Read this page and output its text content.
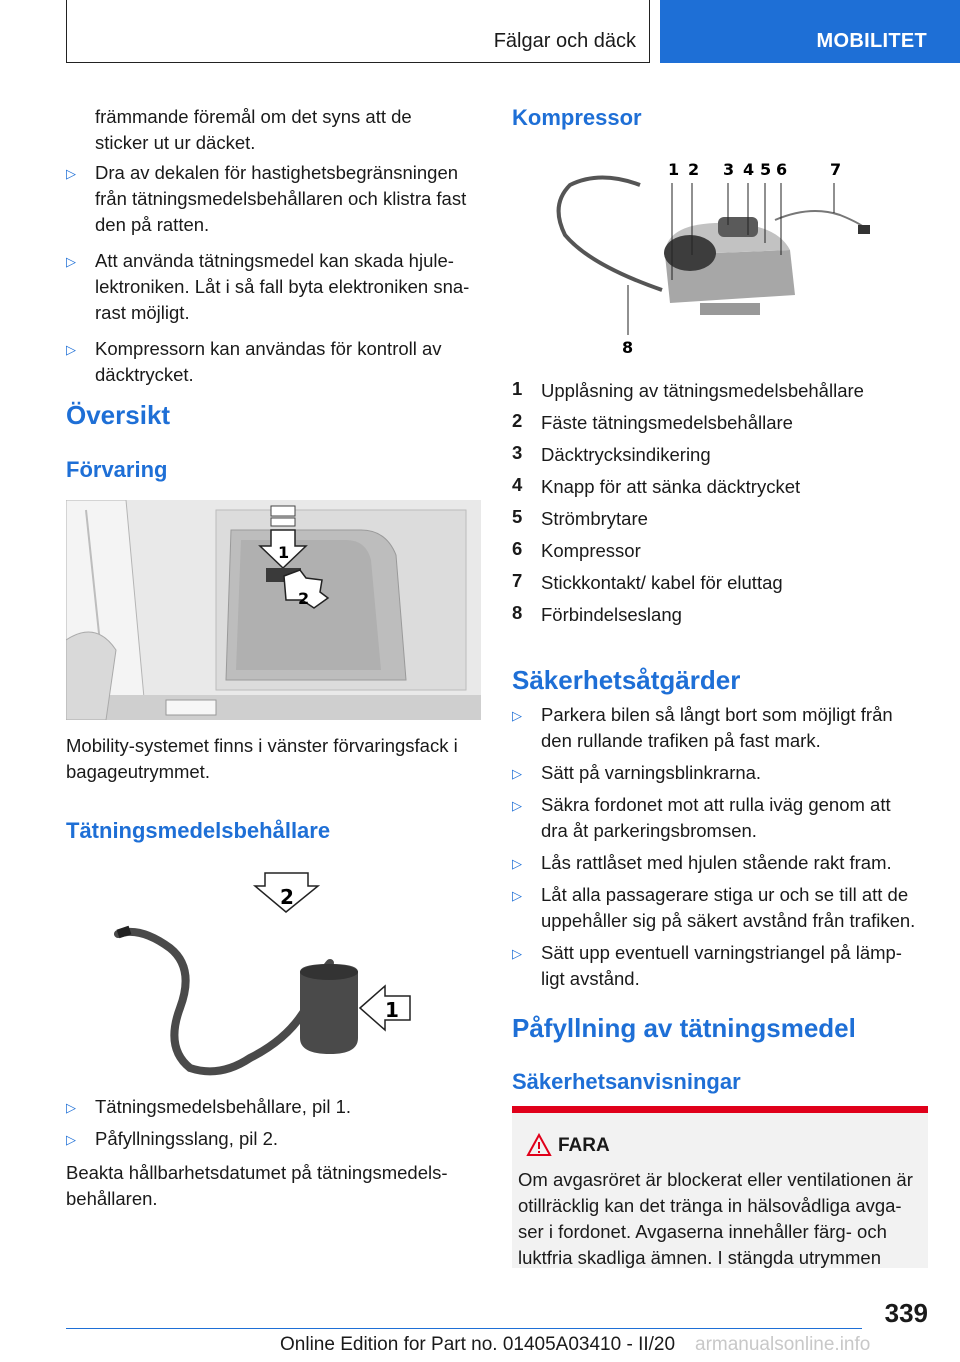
Fälgar och däck	MOBILITET
främmande föremål om det syns att de
sticker ut ur däcket.
▷ Dra av dekalen för hastighetsbegränsningen
från tätningsmedelsbehållaren och klistra fast
den på ratten.
▷ Att använda tätningsmedel kan skada hjule-
lektroniken. Låt i så fall byta elektroniken sna-
rast möjligt.
▷ Kompressorn kan användas för kontroll av
däcktrycket.
Översikt
Förvaring
1
2
Mobility-systemet finns i vänster förvaringsfack i
bagageutrymmet.
Tätningsmedelsbehållare
2
1
▷ Tätningsmedelsbehållare, pil 1.
▷ Påfyllningsslang, pil 2.
Beakta hållbarhetsdatumet på tätningsmedels-
behållaren.
Kompressor
1 2 3 4 5 6	7
8
1	Upplåsning av tätningsmedelsbehållare
2	Fäste tätningsmedelsbehållare
3	Däcktrycksindikering
4	Knapp för att sänka däcktrycket
5	Strömbrytare
6	Kompressor
7	Stickkontakt/ kabel för eluttag
8	Förbindelseslang
Säkerhetsåtgärder
▷ Parkera bilen så långt bort som möjligt från
den rullande trafiken på fast mark.
▷ Sätt på varningsblinkrarna.
▷ Säkra fordonet mot att rulla iväg genom att
dra åt parkeringsbromsen.
▷ Lås rattlåset med hjulen stående rakt fram.
▷ Låt alla passagerare stiga ur och se till att de
uppehåller sig på säkert avstånd från trafiken.
▷ Sätt upp eventuell varningstriangel på lämp-
ligt avstånd.
Påfyllning av tätningsmedel
Säkerhetsanvisningar
FARA
Om avgasröret är blockerat eller ventilationen är
otillräcklig kan det tränga in hälsovådliga avga-
ser i fordonet. Avgaserna innehåller färg- och
luktfria skadliga ämnen. I stängda utrymmen
339
Online Edition for Part no. 01405A03410 - II/20 armanualsonline.info
